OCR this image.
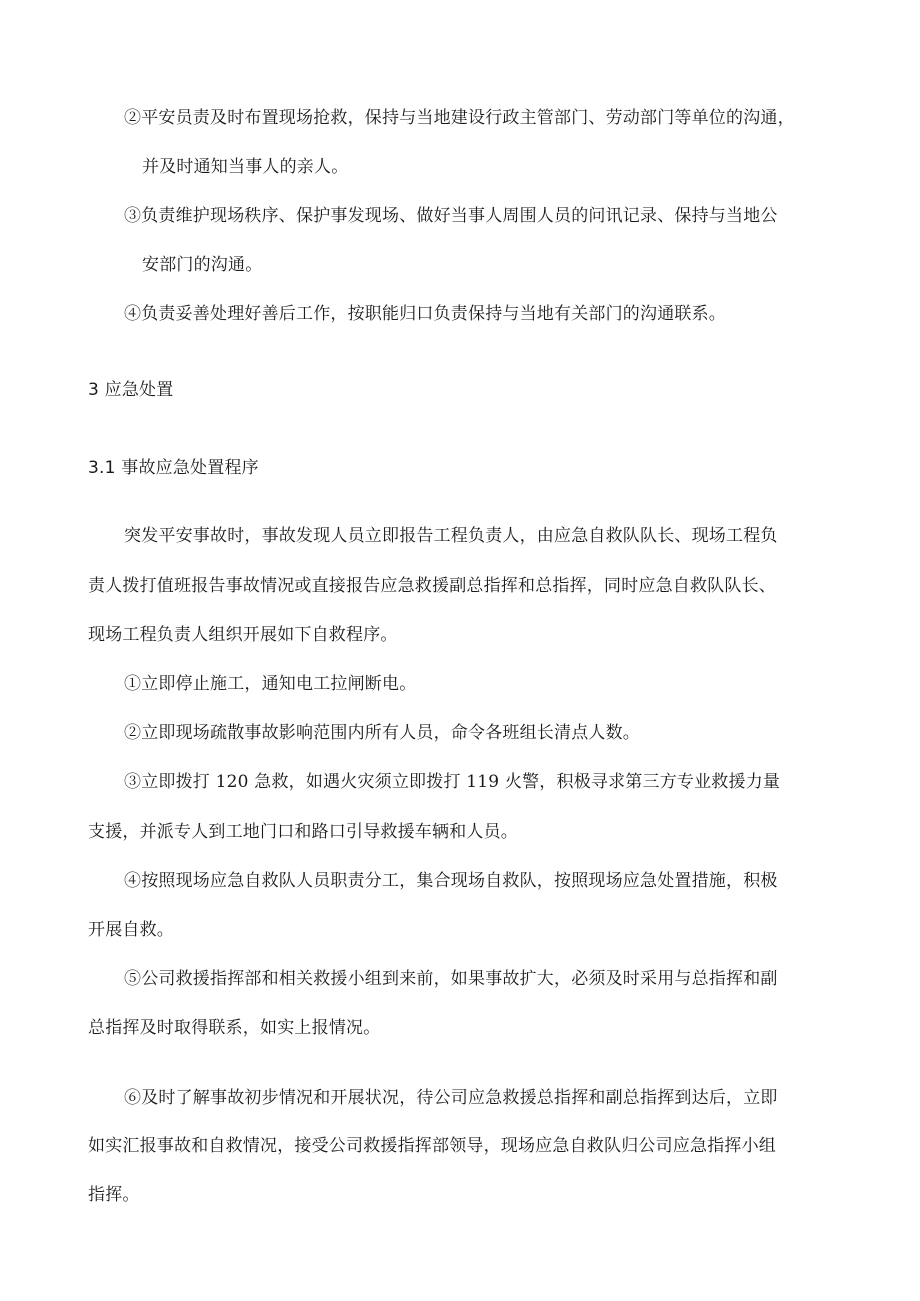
②平安员责及时布置现场抢救，保持与当地建设行政主管部门、劳动部门等单位的沟通，
并及时通知当事人的亲人。
③负责维护现场秩序、保护事发现场、做好当事人周围人员的问讯记录、保持与当地公
安部门的沟通。
④负责妥善处理好善后工作，按职能归口负责保持与当地有关部门的沟通联系。
3 应急处置
3.1 事故应急处置程序
突发平安事故时，事故发现人员立即报告工程负责人，由应急自救队队长、现场工程负
责人拨打值班报告事故情况或直接报告应急救援副总指挥和总指挥，同时应急自救队队长、
现场工程负责人组织开展如下自救程序。
①立即停止施工，通知电工拉闸断电。
②立即现场疏散事故影响范围内所有人员，命令各班组长清点人数。
③立即拨打 120 急救，如遇火灾须立即拨打 119 火警，积极寻求第三方专业救援力量
支援，并派专人到工地门口和路口引导救援车辆和人员。
④按照现场应急自救队人员职责分工，集合现场自救队，按照现场应急处置措施，积极
开展自救。
⑤公司救援指挥部和相关救援小组到来前，如果事故扩大，必须及时采用与总指挥和副
总指挥及时取得联系，如实上报情况。
⑥及时了解事故初步情况和开展状况，待公司应急救援总指挥和副总指挥到达后，立即
如实汇报事故和自救情况，接受公司救援指挥部领导，现场应急自救队归公司应急指挥小组
指挥。
